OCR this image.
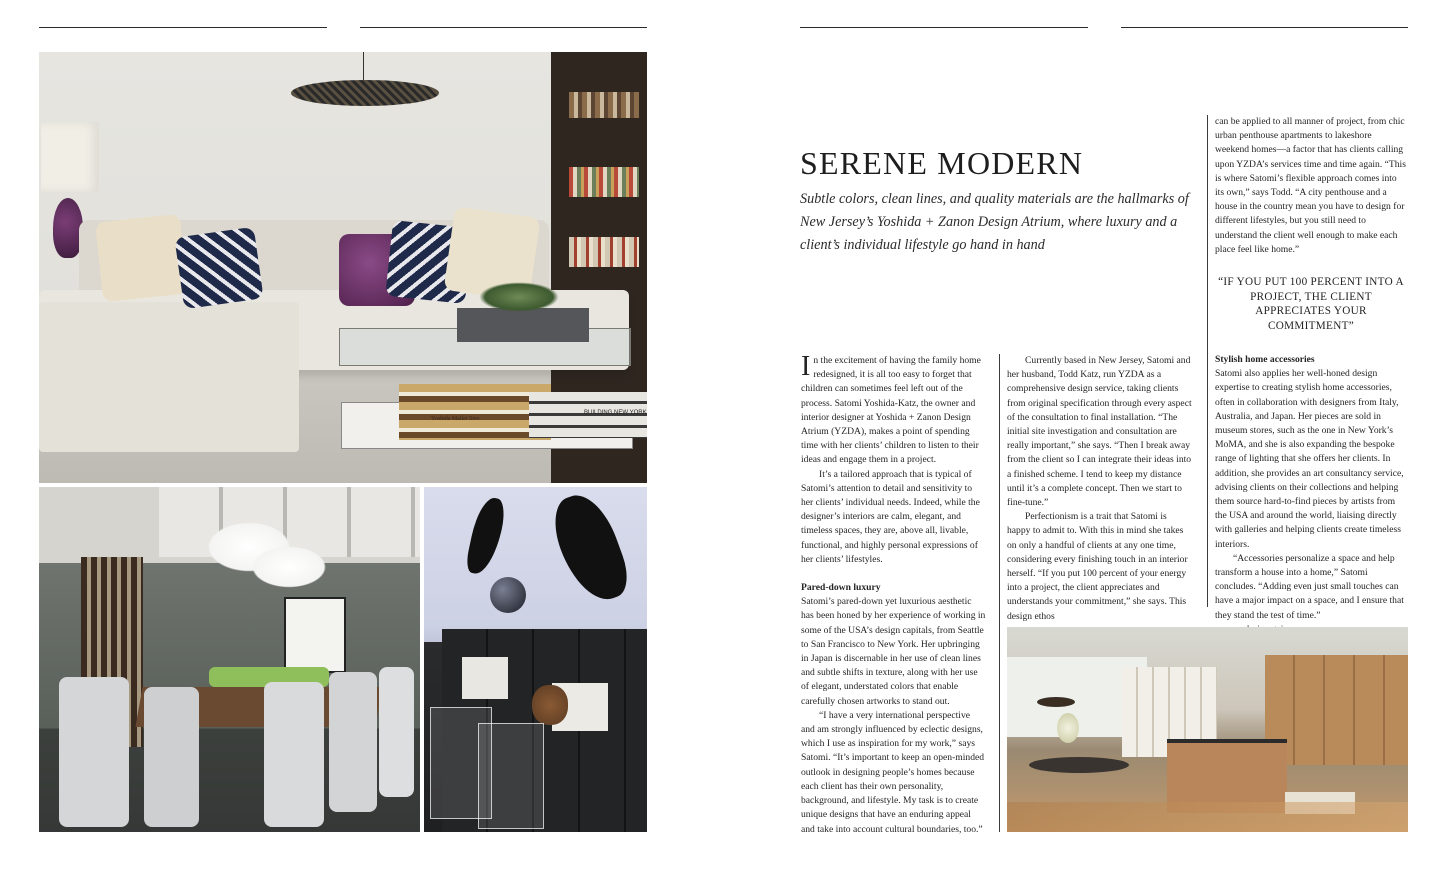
Yoshida Mallet Stev
BUILDING NEW YORK
SERENE MODERN

Subtle colors, clean lines, and quality materials are the hallmarks of New Jersey’s Yoshida + Zanon Design Atrium, where luxury and a client’s individual lifestyle go hand in hand

In the excitement of having the family home redesigned, it is all too easy to forget that children can sometimes feel left out of the process. Satomi Yoshida-Katz, the owner and interior designer at Yoshida + Zanon Design Atrium (YZDA), makes a point of spending time with her clients’ children to listen to their ideas and engage them in a project.

It’s a tailored approach that is typical of Satomi’s attention to detail and sensitivity to her clients’ individual needs. Indeed, while the designer’s interiors are calm, elegant, and timeless spaces, they are, above all, livable, functional, and highly personal expressions of her clients’ lifestyles.

Pared-down luxury

Satomi’s pared-down yet luxurious aesthetic has been honed by her experience of working in some of the USA’s design capitals, from Seattle to San Francisco to New York. Her upbringing in Japan is discernable in her use of clean lines and subtle shifts in texture, along with her use of elegant, understated colors that enable carefully chosen artworks to stand out.

“I have a very international perspective and am strongly influenced by eclectic designs, which I use as inspiration for my work,” says Satomi. “It’s important to keep an open-minded outlook in designing people’s homes because each client has their own personality, background, and lifestyle. My task is to create unique designs that have an enduring appeal and take into account cultural boundaries, too.”

Currently based in New Jersey, Satomi and her husband, Todd Katz, run YZDA as a comprehensive design service, taking clients from original specification through every aspect of the consultation to final installation. “The initial site investigation and consultation are really important,” she says. “Then I break away from the client so I can integrate their ideas into a finished scheme. I tend to keep my distance until it’s a complete concept. Then we start to fine-tune.”

Perfectionism is a trait that Satomi is happy to admit to. With this in mind she takes on only a handful of clients at any one time, considering every finishing touch in an interior herself. “If you put 100 percent of your energy into a project, the client appreciates and understands your commitment,” she says. This design ethos

can be applied to all manner of project, from chic urban penthouse apartments to lakeshore weekend homes—a factor that has clients calling upon YZDA’s services time and time again. “This is where Satomi’s flexible approach comes into its own,” says Todd. “A city penthouse and a house in the country mean you have to design for different lifestyles, but you still need to understand the client well enough to make each place feel like home.”

“IF YOU PUT 100 PERCENT INTO A PROJECT, THE CLIENT APPRECIATES YOUR COMMITMENT”

Stylish home accessories

Satomi also applies her well-honed design expertise to creating stylish home accessories, often in collaboration with designers from Italy, Australia, and Japan. Her pieces are sold in museum stores, such as the one in New York’s MoMA, and she is also expanding the bespoke range of lighting that she offers her clients. In addition, she provides an art consultancy service, advising clients on their collections and helping them source hard-to-find pieces by artists from the USA and around the world, liaising directly with galleries and helping clients create timeless interiors.

“Accessories personalize a space and help transform a house into a home,” Satomi concludes. “Adding even just small touches can have a major impact on a space, and I ensure that they stand the test of time.”
